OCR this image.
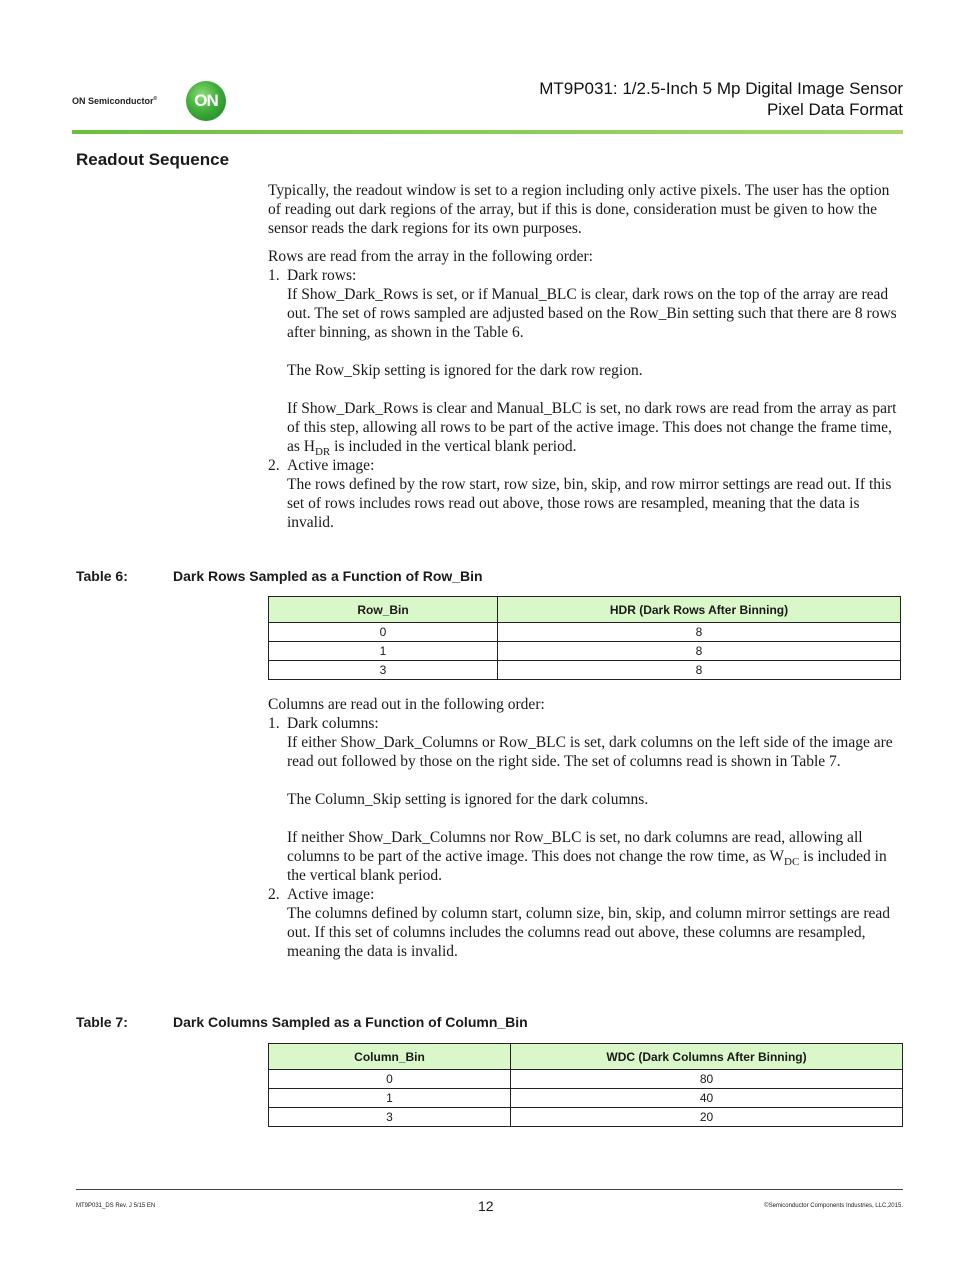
ON Semiconductor® ON
MT9P031: 1/2.5-Inch 5 Mp Digital Image Sensor
Pixel Data Format
Readout Sequence

Typically, the readout window is set to a region including only active pixels. The user has the option of reading out dark regions of the array, but if this is done, consideration must be given to how the sensor reads the dark regions for its own purposes.

Rows are read from the array in the following order:

1. Dark rows:

If Show_Dark_Rows is set, or if Manual_BLC is clear, dark rows on the top of the array are read out. The set of rows sampled are adjusted based on the Row_Bin setting such that there are 8 rows after binning, as shown in the Table 6.

The Row_Skip setting is ignored for the dark row region.

If Show_Dark_Rows is clear and Manual_BLC is set, no dark rows are read from the array as part of this step, allowing all rows to be part of the active image. This does not change the frame time, as $H_{DR}$ is included in the vertical blank period.

2. Active image:

The rows defined by the row start, row size, bin, skip, and row mirror settings are read out. If this set of rows includes rows read out above, those rows are resampled, meaning that the data is invalid.

Table 6:	Dark Rows Sampled as a Function of Row_Bin
Row_Bin	HDR (Dark Rows After Binning)
0	8
1	8
3	8

Columns are read out in the following order:

1. Dark columns:

If either Show_Dark_Columns or Row_BLC is set, dark columns on the left side of the image are read out followed by those on the right side. The set of columns read is shown in Table 7.

The Column_Skip setting is ignored for the dark columns.

If neither Show_Dark_Columns nor Row_BLC is set, no dark columns are read, allowing all columns to be part of the active image. This does not change the row time, as $W_{DC}$ is included in the vertical blank period.

2. Active image:

The columns defined by column start, column size, bin, skip, and column mirror settings are read out. If this set of columns includes the columns read out above, these columns are resampled, meaning the data is invalid.

Table 7:	Dark Columns Sampled as a Function of Column_Bin
Column_Bin	WDC (Dark Columns After Binning)
0	80
1	40
3	20
MT9P031_DS Rev. J 5/15 EN	12	©Semiconductor Components Industries, LLC,2015.
